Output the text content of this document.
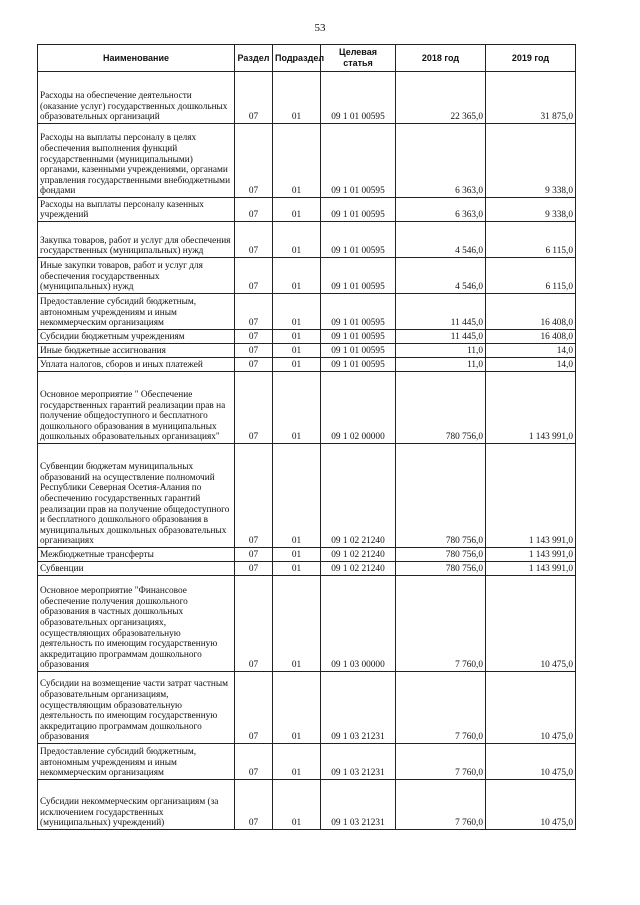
53
Наименование	Раздел	Подраздел	Целевая статья	2018 год	2019 год
Расходы на обеспечение деятельности (оказание услуг) государственных дошкольных образовательных организаций	07	01	09 1 01 00595	22 365,0	31 875,0
Расходы на выплаты персоналу в целях обеспечения выполнения функций государственными (муниципальными) органами, казенными учреждениями, органами управления государственными внебюджетными фондами	07	01	09 1 01 00595	6 363,0	9 338,0
Расходы на выплаты персоналу казенных учреждений	07	01	09 1 01 00595	6 363,0	9 338,0
Закупка товаров, работ и услуг для обеспечения государственных (муниципальных) нужд	07	01	09 1 01 00595	4 546,0	6 115,0
Иные закупки товаров, работ и услуг для обеспечения государственных (муниципальных) нужд	07	01	09 1 01 00595	4 546,0	6 115,0
Предоставление субсидий бюджетным, автономным учреждениям и иным некоммерческим организациям	07	01	09 1 01 00595	11 445,0	16 408,0
Субсидии бюджетным учреждениям	07	01	09 1 01 00595	11 445,0	16 408,0
Иные бюджетные ассигнования	07	01	09 1 01 00595	11,0	14,0
Уплата налогов, сборов и иных платежей	07	01	09 1 01 00595	11,0	14,0
Основное мероприятие " Обеспечение государственных гарантий реализации прав на получение общедоступного и бесплатного дошкольного образования в муниципальных дошкольных образовательных организациях"	07	01	09 1 02 00000	780 756,0	1 143 991,0
Субвенции бюджетам муниципальных образований на осуществление полномочий Республики Северная Осетия-Алания по обеспечению государственных гарантий реализации прав на получение общедоступного и бесплатного дошкольного образования в муниципальных дошкольных образовательных организациях	07	01	09 1 02 21240	780 756,0	1 143 991,0
Межбюджетные трансферты	07	01	09 1 02 21240	780 756,0	1 143 991,0
Субвенции	07	01	09 1 02 21240	780 756,0	1 143 991,0
Основное мероприятие "Финансовое обеспечение получения дошкольного образования в частных дошкольных образовательных организациях, осуществляющих образовательную деятельность по имеющим государственную аккредитацию программам дошкольного образования	07	01	09 1 03 00000	7 760,0	10 475,0
Субсидии на возмещение части затрат частным образовательным организациям, осуществляющим образовательную деятельность по имеющим государственную аккредитацию программам дошкольного образования	07	01	09 1 03 21231	7 760,0	10 475,0
Предоставление субсидий бюджетным, автономным учреждениям и иным некоммерческим организациям	07	01	09 1 03 21231	7 760,0	10 475,0
Субсидии некоммерческим организациям (за исключением государственных (муниципальных) учреждений)	07	01	09 1 03 21231	7 760,0	10 475,0
